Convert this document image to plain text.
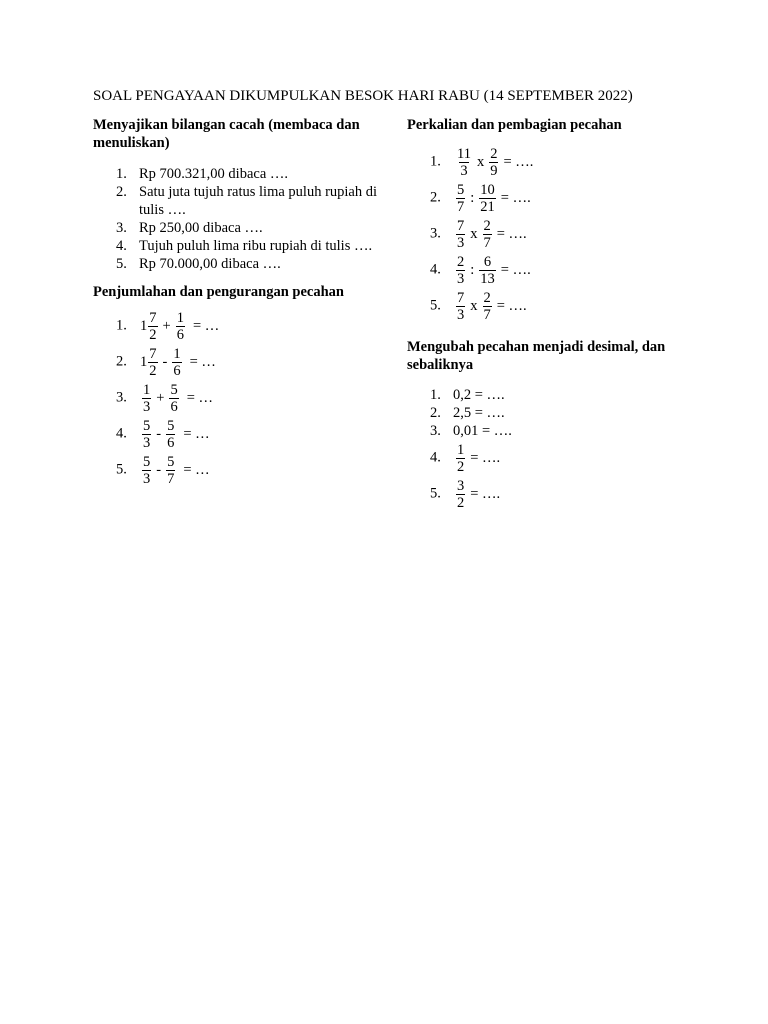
SOAL PENGAYAAN DIKUMPULKAN BESOK HARI RABU (14 SEPTEMBER 2022)

Menyajikan bilangan cacah (membaca dan menuliskan)

1. Rp 700.321,00 dibaca ….
2. Satu juta tujuh ratus lima puluh rupiah di tulis ….
3. Rp 250,00 dibaca ….
4. Tujuh puluh lima ribu rupiah di tulis ….
5. Rp 70.000,00 dibaca ….

Penjumlahan dan pengurangan pecahan

1. $1 \frac{7}{2} + \frac{1}{6}$ = …
2. $1 \frac{7}{2} - \frac{1}{6}$ = …
3. $\frac{1}{3} + \frac{5}{6}$ = …
4. $\frac{5}{3} - \frac{5}{6}$ = …
5. $\frac{5}{3} - \frac{5}{7}$ = …

Perkalian dan pembagian pecahan

1. $\frac{11}{3}$ x $\frac{2}{9}$ = ….
2. $\frac{5}{7}$ : $\frac{10}{21}$ = ….
3. $\frac{7}{3}$ x $\frac{2}{7}$ = ….
4. $\frac{2}{3}$ : $\frac{6}{13}$ = ….
5. $\frac{7}{3}$ x $\frac{2}{7}$ = ….

Mengubah pecahan menjadi desimal, dan sebaliknya

1. 0,2 = ….
2. 2,5 = ….
3. 0,01 = ….
4. $\frac{1}{2}$ = ….
5. $\frac{3}{2}$ = ….
